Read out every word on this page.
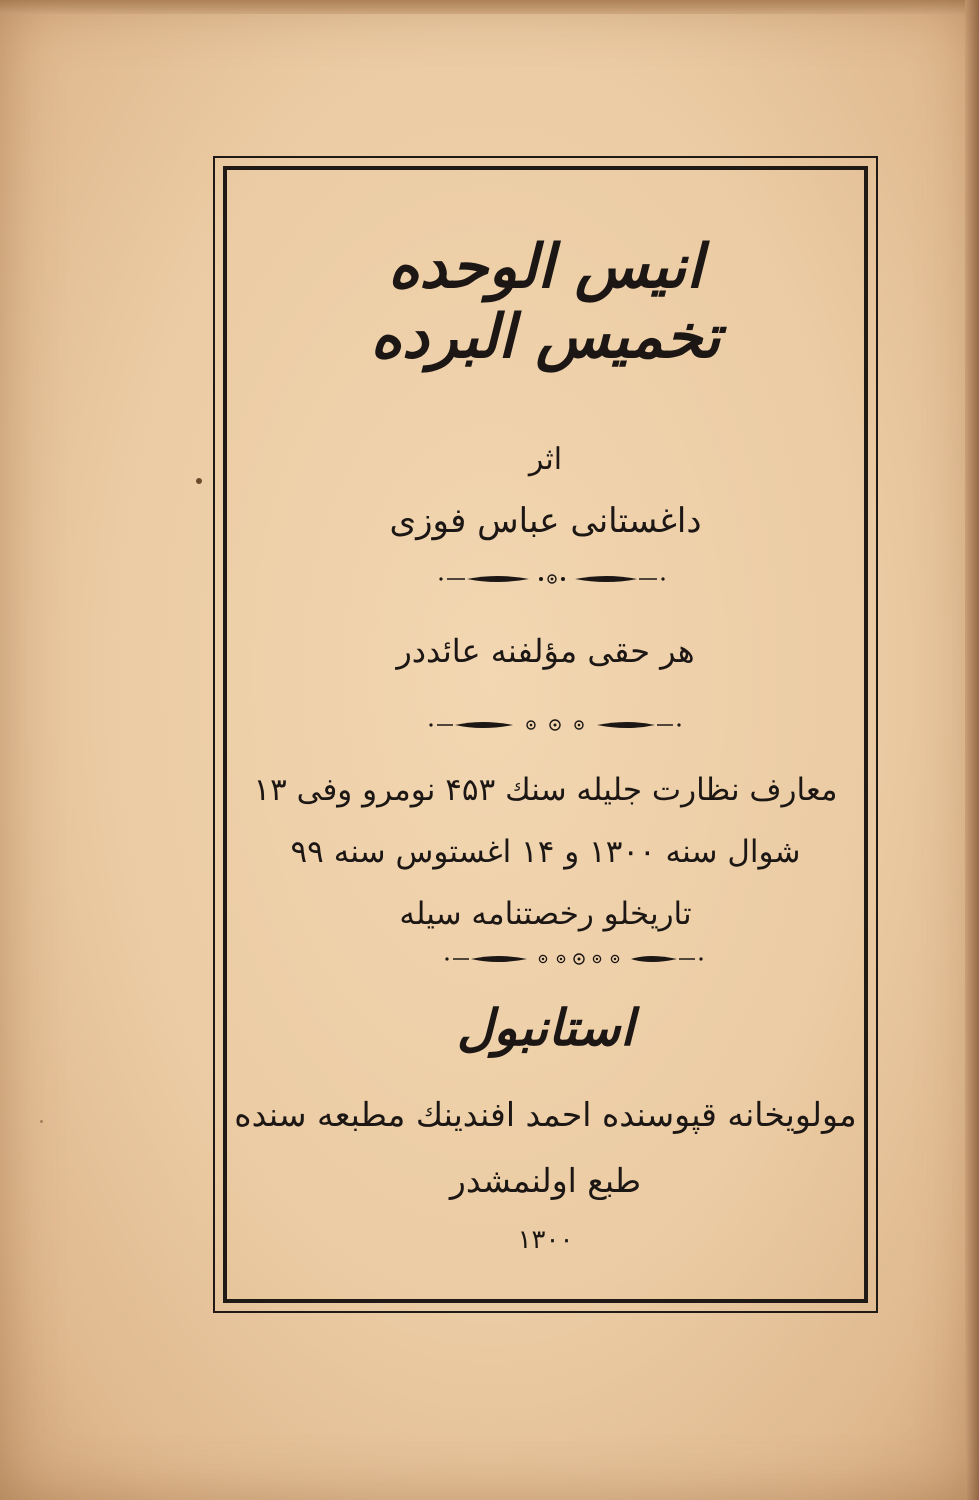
انیس الوحده
تخمیس البرده
اثر
داغستانی عباس فوزی
هر حقی مؤلفنه عائددر
معارف نظارت جلیله سنك ۴۵۳ نومرو وفی ۱۳
شوال سنه ۱۳۰۰ و ۱۴ اغستوس سنه ۹۹
تاریخلو رخصتنامه سیله
استانبول
مولویخانه قپوسنده احمد افندینك مطبعه سنده
طبع اولنمشدر
۱۳۰۰
